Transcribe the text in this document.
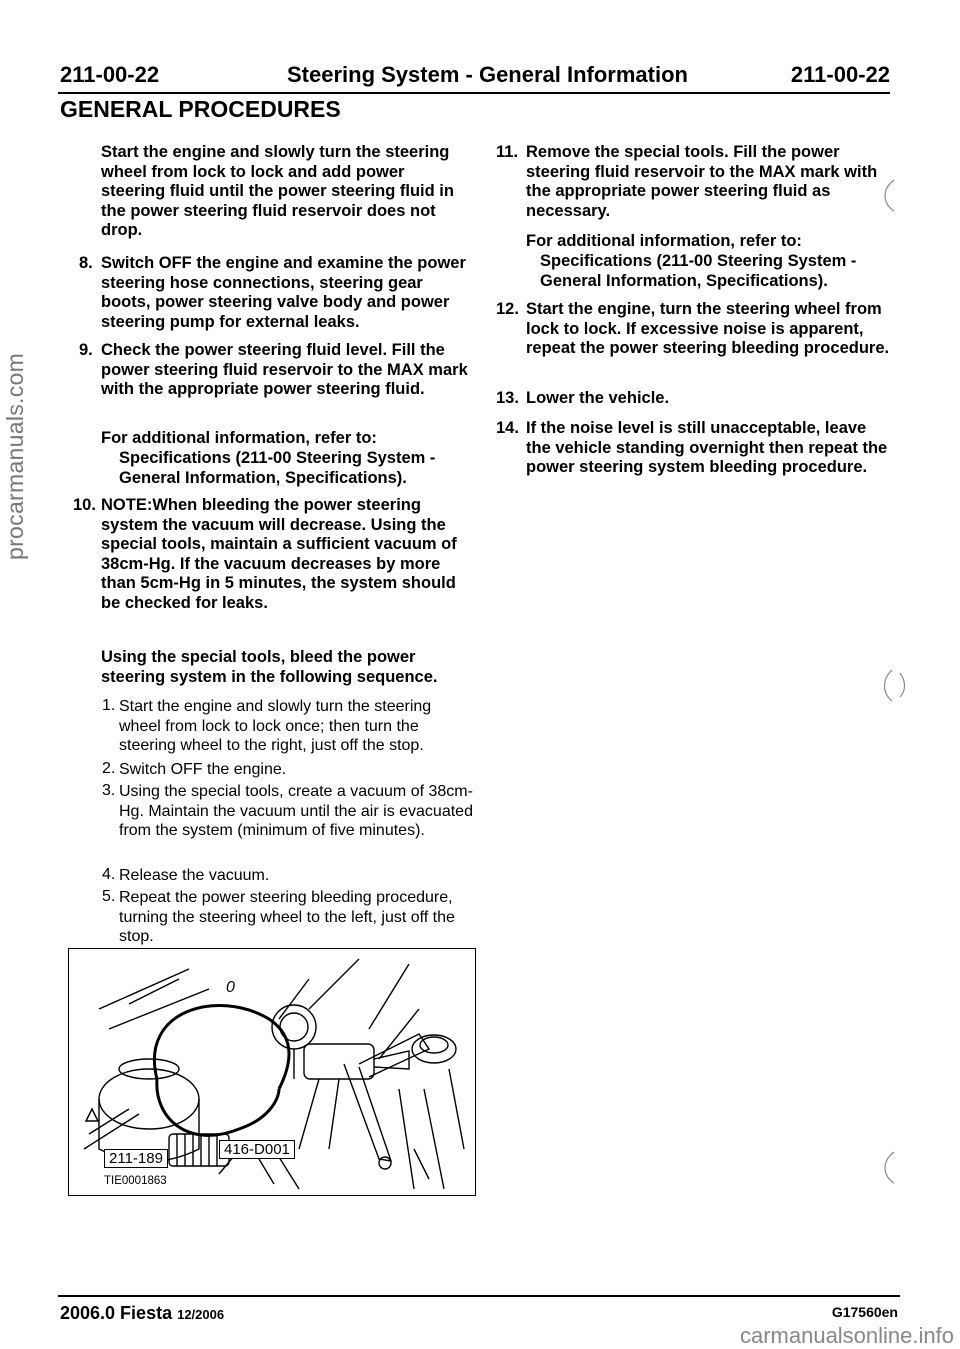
211-00-22	Steering System - General Information	211-00-22
GENERAL PROCEDURES
procarmanuals.com
Start the engine and slowly turn the steering wheel from lock to lock and add power steering fluid until the power steering fluid in the power steering fluid reservoir does not drop.
8. Switch OFF the engine and examine the power steering hose connections, steering gear boots, power steering valve body and power steering pump for external leaks.
9. Check the power steering fluid level. Fill the power steering fluid reservoir to the MAX mark with the appropriate power steering fluid.
For additional information, refer to:
Specifications (211-00 Steering System - General Information, Specifications).
10. NOTE:When bleeding the power steering system the vacuum will decrease. Using the special tools, maintain a sufficient vacuum of 38cm-Hg. If the vacuum decreases by more than 5cm-Hg in 5 minutes, the system should be checked for leaks.
Using the special tools, bleed the power steering system in the following sequence.
1. Start the engine and slowly turn the steering wheel from lock to lock once; then turn the steering wheel to the right, just off the stop.
2. Switch OFF the engine.
3. Using the special tools, create a vacuum of 38cm-Hg. Maintain the vacuum until the air is evacuated from the system (minimum of five minutes).
4. Release the vacuum.
5. Repeat the power steering bleeding procedure, turning the steering wheel to the left, just off the stop.
0
211-189
416-D001
TIE0001863
11. Remove the special tools. Fill the power steering fluid reservoir to the MAX mark with the appropriate power steering fluid as necessary.
For additional information, refer to:
Specifications (211-00 Steering System - General Information, Specifications).
12. Start the engine, turn the steering wheel from lock to lock. If excessive noise is apparent, repeat the power steering bleeding procedure.
13. Lower the vehicle.
14. If the noise level is still unacceptable, leave the vehicle standing overnight then repeat the power steering system bleeding procedure.
2006.0 Fiesta 12/2006	G17560en
carmanualsonline.info
